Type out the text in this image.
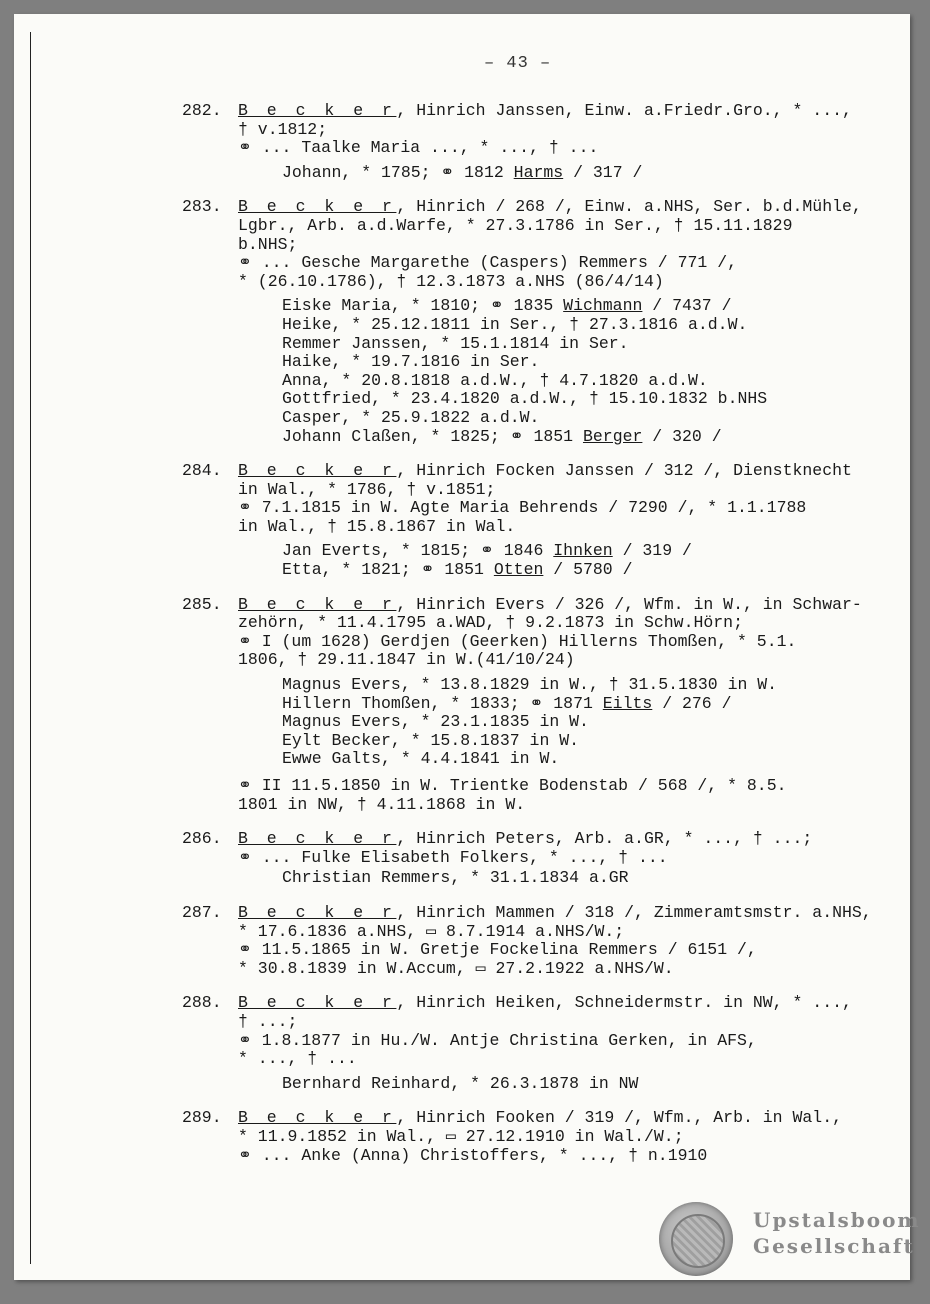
– 43 –
282. B e c k e r, Hinrich Janssen, Einw. a.Friedr.Gro., * ...,
† v.1812;
⚭ ... Taalke Maria ..., * ..., † ...
Johann, * 1785; ⚭ 1812 Harms / 317 /
283. B e c k e r, Hinrich / 268 /, Einw. a.NHS, Ser. b.d.Mühle,
Lgbr., Arb. a.d.Warfe, * 27.3.1786 in Ser., † 15.11.1829
b.NHS;
⚭ ... Gesche Margarethe (Caspers) Remmers / 771 /,
* (26.10.1786), † 12.3.1873 a.NHS (86/4/14)
Eiske Maria, * 1810; ⚭ 1835 Wichmann / 7437 /
Heike, * 25.12.1811 in Ser., † 27.3.1816 a.d.W.
Remmer Janssen, * 15.1.1814 in Ser.
Haike, * 19.7.1816 in Ser.
Anna, * 20.8.1818 a.d.W., † 4.7.1820 a.d.W.
Gottfried, * 23.4.1820 a.d.W., † 15.10.1832 b.NHS
Casper, * 25.9.1822 a.d.W.
Johann Claßen, * 1825; ⚭ 1851 Berger / 320 /
284. B e c k e r, Hinrich Focken Janssen / 312 /, Dienstknecht
in Wal., * 1786, † v.1851;
⚭ 7.1.1815 in W. Agte Maria Behrends / 7290 /, * 1.1.1788
in Wal., † 15.8.1867 in Wal.
Jan Everts, * 1815; ⚭ 1846 Ihnken / 319 /
Etta, * 1821; ⚭ 1851 Otten / 5780 /
285. B e c k e r, Hinrich Evers / 326 /, Wfm. in W., in Schwar-
zehörn, * 11.4.1795 a.WAD, † 9.2.1873 in Schw.Hörn;
⚭ I (um 1628) Gerdjen (Geerken) Hillerns Thomßen, * 5.1.
1806, † 29.11.1847 in W.(41/10/24)
Magnus Evers, * 13.8.1829 in W., † 31.5.1830 in W.
Hillern Thomßen, * 1833; ⚭ 1871 Eilts / 276 /
Magnus Evers, * 23.1.1835 in W.
Eylt Becker, * 15.8.1837 in W.
Ewwe Galts, * 4.4.1841 in W.
⚭ II 11.5.1850 in W. Trientke Bodenstab / 568 /, * 8.5.
1801 in NW, † 4.11.1868 in W.
286. B e c k e r, Hinrich Peters, Arb. a.GR, * ..., † ...;
⚭ ... Fulke Elisabeth Folkers, * ..., † ...
Christian Remmers, * 31.1.1834 a.GR
287. B e c k e r, Hinrich Mammen / 318 /, Zimmeramtsmstr. a.NHS,
* 17.6.1836 a.NHS, ▭ 8.7.1914 a.NHS/W.;
⚭ 11.5.1865 in W. Gretje Fockelina Remmers / 6151 /,
* 30.8.1839 in W.Accum, ▭ 27.2.1922 a.NHS/W.
288. B e c k e r, Hinrich Heiken, Schneidermstr. in NW, * ...,
† ...;
⚭ 1.8.1877 in Hu./W. Antje Christina Gerken, in AFS,
* ..., † ...
Bernhard Reinhard, * 26.3.1878 in NW
289. B e c k e r, Hinrich Fooken / 319 /, Wfm., Arb. in Wal.,
* 11.9.1852 in Wal., ▭ 27.12.1910 in Wal./W.;
⚭ ... Anke (Anna) Christoffers, * ..., † n.1910
Upstalsboom
Gesellschaft
